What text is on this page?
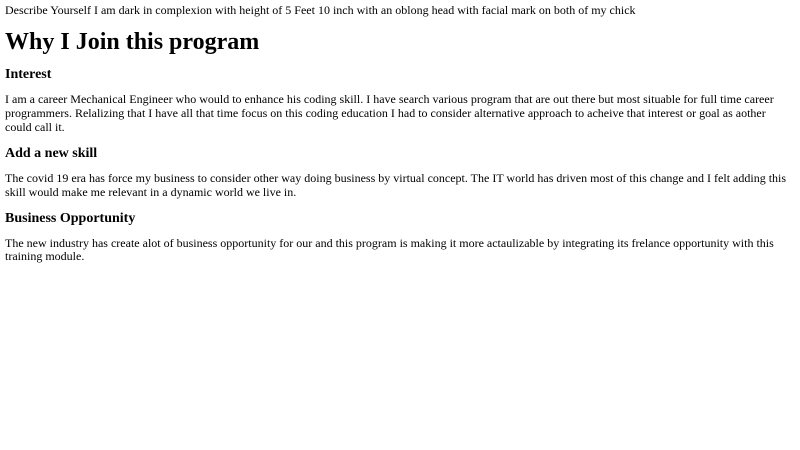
Describe Yourself I am dark in complexion with height of 5 Feet 10 inch with an oblong head with facial mark on both of my chick

Why I Join this program
Interest

I am a career Mechanical Engineer who would to enhance his coding skill. I have search various program that are out there but most situable for full time career programmers. Relalizing that I have all that time focus on this coding education I had to consider alternative approach to acheive that interest or goal as aother could call it.

Add a new skill

The covid 19 era has force my business to consider other way doing business by virtual concept. The IT world has driven most of this change and I felt adding this skill would make me relevant in a dynamic world we live in.

Business Opportunity

The new industry has create alot of business opportunity for our and this program is making it more actaulizable by integrating its frelance opportunity with this training module.
